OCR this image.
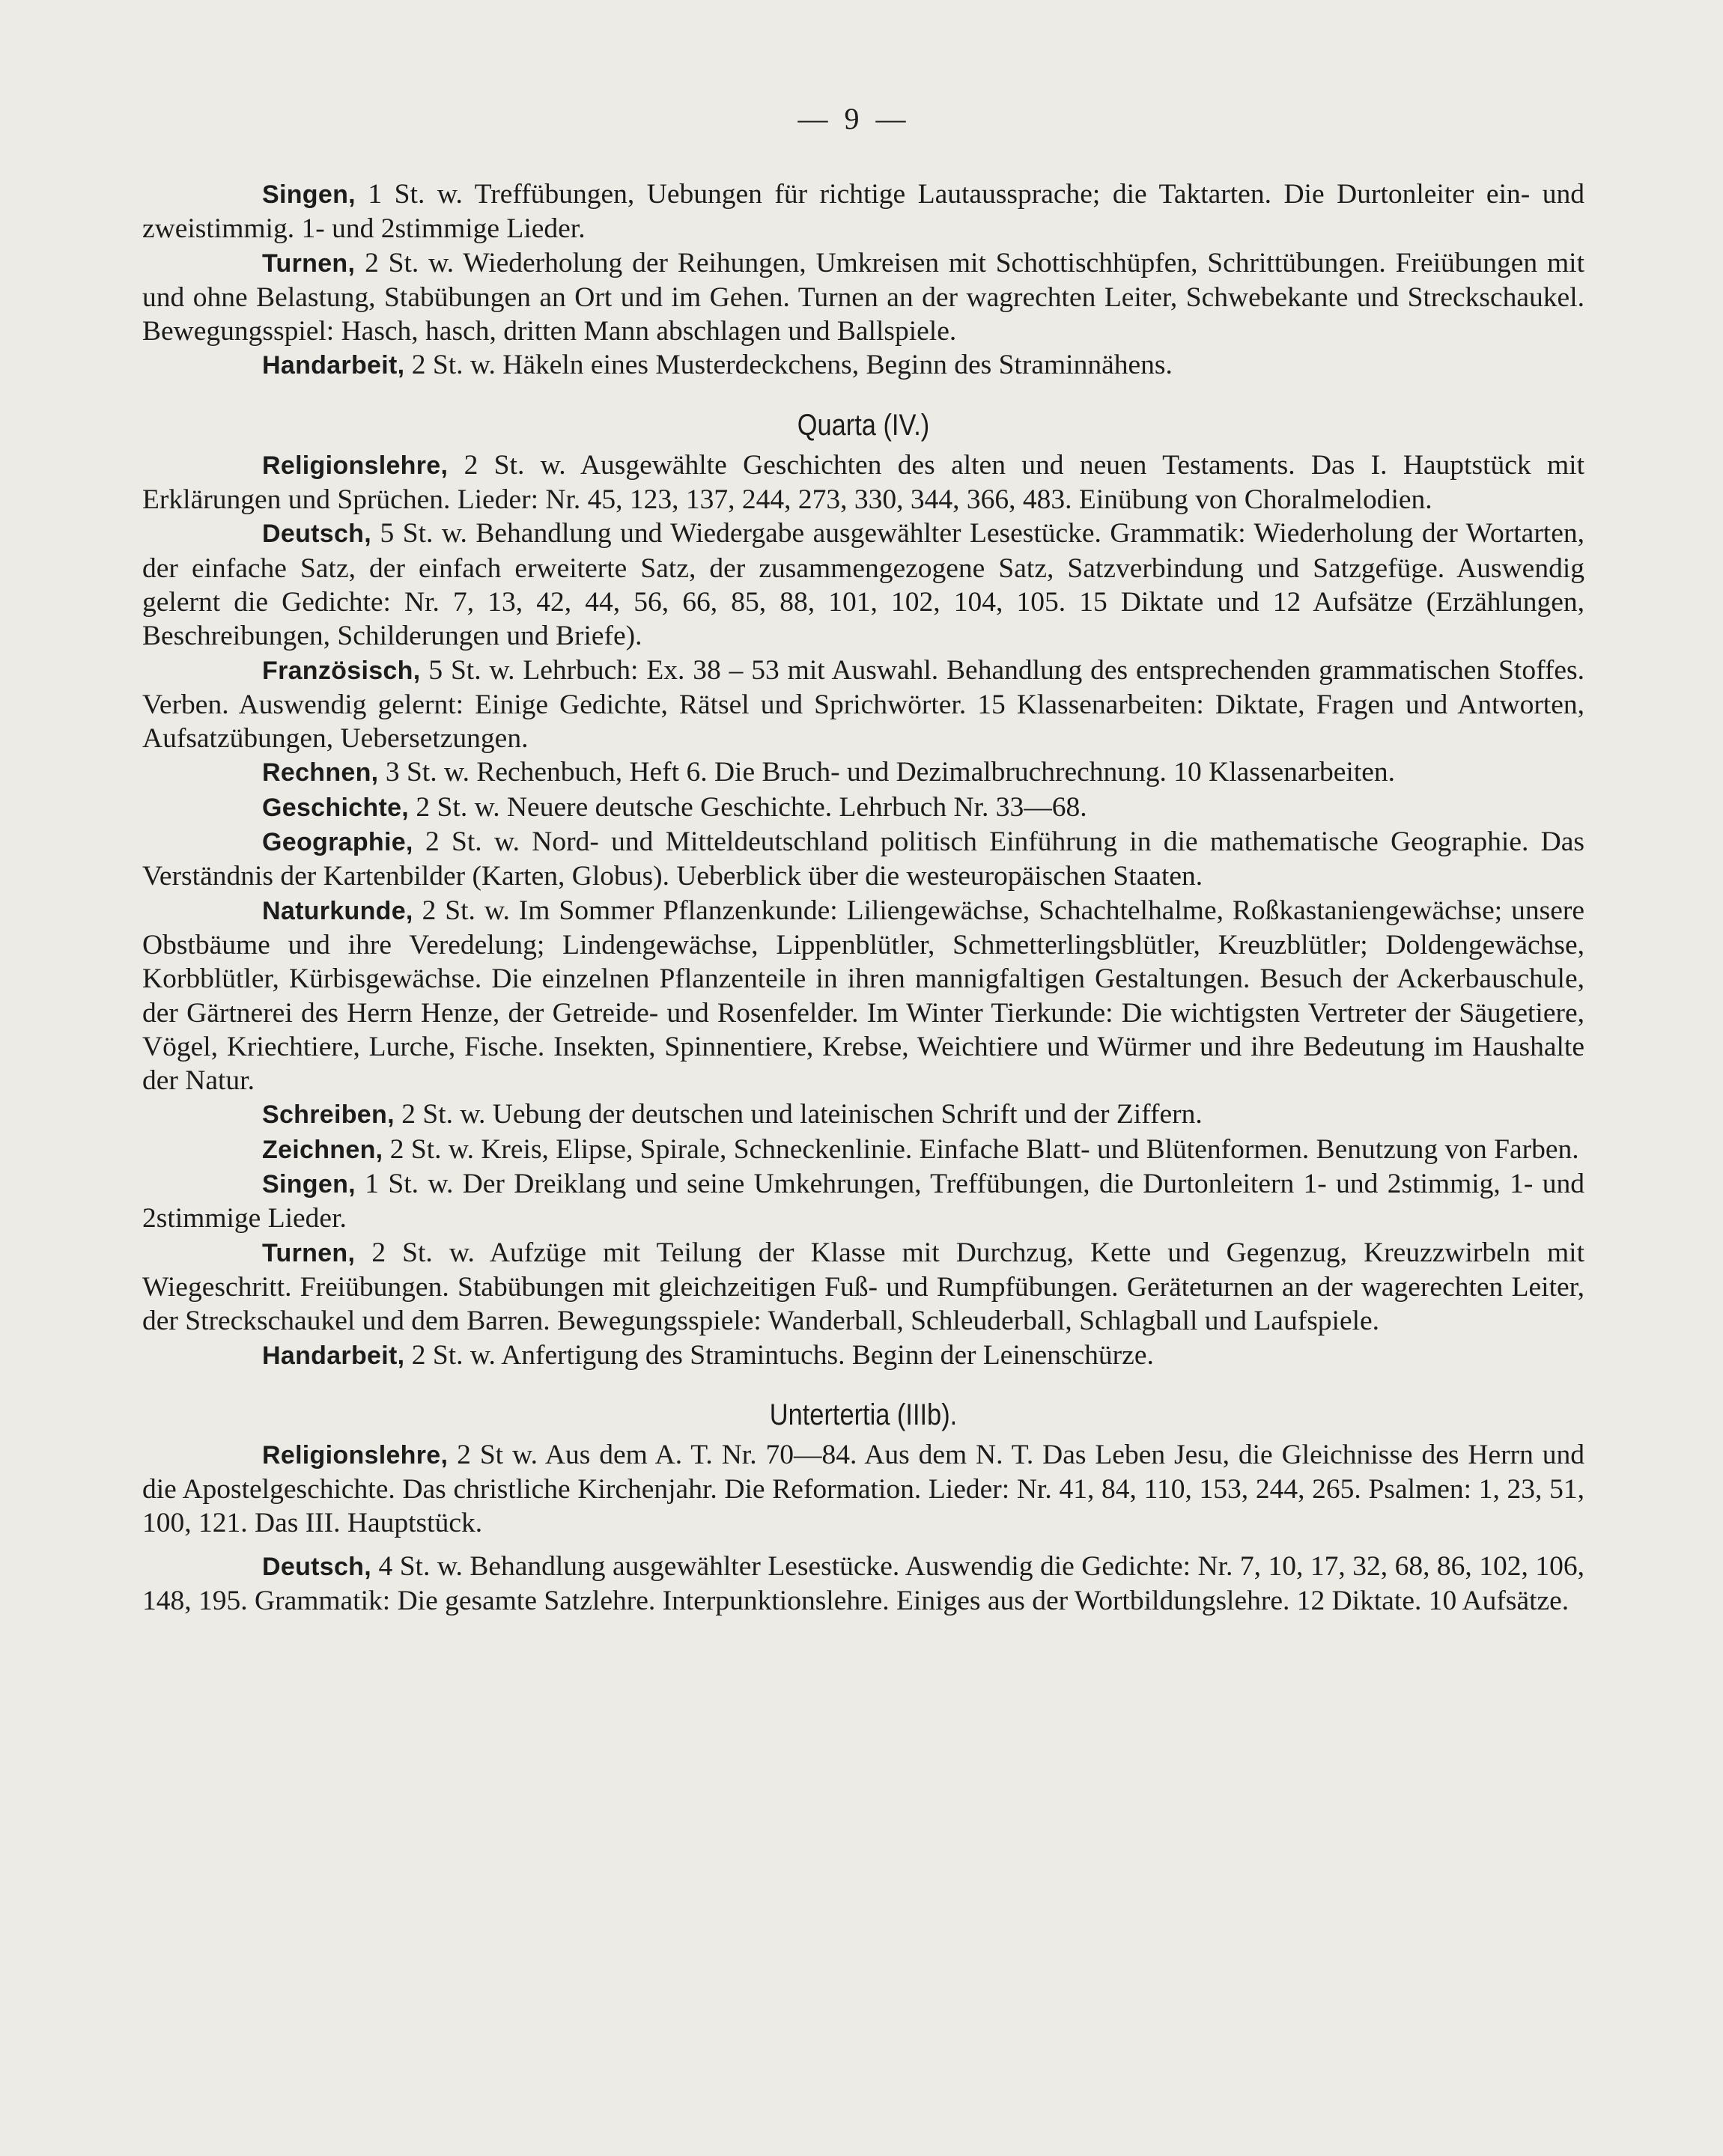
— 9 —

Singen, 1 St. w. Treffübungen, Uebungen für richtige Lautaussprache; die Taktarten. Die Durtonleiter ein- und zweistimmig. 1- und 2stimmige Lieder.

Turnen, 2 St. w. Wiederholung der Reihungen, Umkreisen mit Schottischhüpfen, Schrittübungen. Freiübungen mit und ohne Belastung, Stabübungen an Ort und im Gehen. Turnen an der wagrechten Leiter, Schwebekante und Streckschaukel. Bewegungsspiel: Hasch, hasch, dritten Mann abschlagen und Ballspiele.

Handarbeit, 2 St. w. Häkeln eines Musterdeckchens, Beginn des Straminnähens.

Quarta (IV.)

Religionslehre, 2 St. w. Ausgewählte Geschichten des alten und neuen Testaments. Das I. Hauptstück mit Erklärungen und Sprüchen. Lieder: Nr. 45, 123, 137, 244, 273, 330, 344, 366, 483. Einübung von Choralmelodien.

Deutsch, 5 St. w. Behandlung und Wiedergabe ausgewählter Lesestücke. Grammatik: Wiederholung der Wortarten, der einfache Satz, der einfach erweiterte Satz, der zusammengezogene Satz, Satzverbindung und Satzgefüge. Auswendig gelernt die Gedichte: Nr. 7, 13, 42, 44, 56, 66, 85, 88, 101, 102, 104, 105. 15 Diktate und 12 Aufsätze (Erzählungen, Beschreibungen, Schilderungen und Briefe).

Französisch, 5 St. w. Lehrbuch: Ex. 38 – 53 mit Auswahl. Behandlung des entsprechenden grammatischen Stoffes. Verben. Auswendig gelernt: Einige Gedichte, Rätsel und Sprichwörter. 15 Klassenarbeiten: Diktate, Fragen und Antworten, Aufsatzübungen, Uebersetzungen.

Rechnen, 3 St. w. Rechenbuch, Heft 6. Die Bruch- und Dezimalbruchrechnung. 10 Klassenarbeiten.

Geschichte, 2 St. w. Neuere deutsche Geschichte. Lehrbuch Nr. 33—68.

Geographie, 2 St. w. Nord- und Mitteldeutschland politisch Einführung in die mathematische Geographie. Das Verständnis der Kartenbilder (Karten, Globus). Ueberblick über die westeuropäischen Staaten.

Naturkunde, 2 St. w. Im Sommer Pflanzenkunde: Liliengewächse, Schachtelhalme, Roßkastaniengewächse; unsere Obstbäume und ihre Veredelung; Lindengewächse, Lippenblütler, Schmetterlingsblütler, Kreuzblütler; Doldengewächse, Korbblütler, Kürbisgewächse. Die einzelnen Pflanzenteile in ihren mannigfaltigen Gestaltungen. Besuch der Ackerbauschule, der Gärtnerei des Herrn Henze, der Getreide- und Rosenfelder. Im Winter Tierkunde: Die wichtigsten Vertreter der Säugetiere, Vögel, Kriechtiere, Lurche, Fische. Insekten, Spinnentiere, Krebse, Weichtiere und Würmer und ihre Bedeutung im Haushalte der Natur.

Schreiben, 2 St. w. Uebung der deutschen und lateinischen Schrift und der Ziffern.

Zeichnen, 2 St. w. Kreis, Elipse, Spirale, Schneckenlinie. Einfache Blatt- und Blütenformen. Benutzung von Farben.

Singen, 1 St. w. Der Dreiklang und seine Umkehrungen, Treffübungen, die Durtonleitern 1- und 2stimmig, 1- und 2stimmige Lieder.

Turnen, 2 St. w. Aufzüge mit Teilung der Klasse mit Durchzug, Kette und Gegenzug, Kreuzzwirbeln mit Wiegeschritt. Freiübungen. Stabübungen mit gleichzeitigen Fuß- und Rumpfübungen. Geräteturnen an der wagerechten Leiter, der Streckschaukel und dem Barren. Bewegungsspiele: Wanderball, Schleuderball, Schlagball und Laufspiele.

Handarbeit, 2 St. w. Anfertigung des Stramintuchs. Beginn der Leinenschürze.

Untertertia (IIIb).

Religionslehre, 2 St w. Aus dem A. T. Nr. 70—84. Aus dem N. T. Das Leben Jesu, die Gleichnisse des Herrn und die Apostelgeschichte. Das christliche Kirchenjahr. Die Reformation. Lieder: Nr. 41, 84, 110, 153, 244, 265. Psalmen: 1, 23, 51, 100, 121. Das III. Hauptstück.

Deutsch, 4 St. w. Behandlung ausgewählter Lesestücke. Auswendig die Gedichte: Nr. 7, 10, 17, 32, 68, 86, 102, 106, 148, 195. Grammatik: Die gesamte Satzlehre. Interpunktionslehre. Einiges aus der Wortbildungslehre. 12 Diktate. 10 Aufsätze.
